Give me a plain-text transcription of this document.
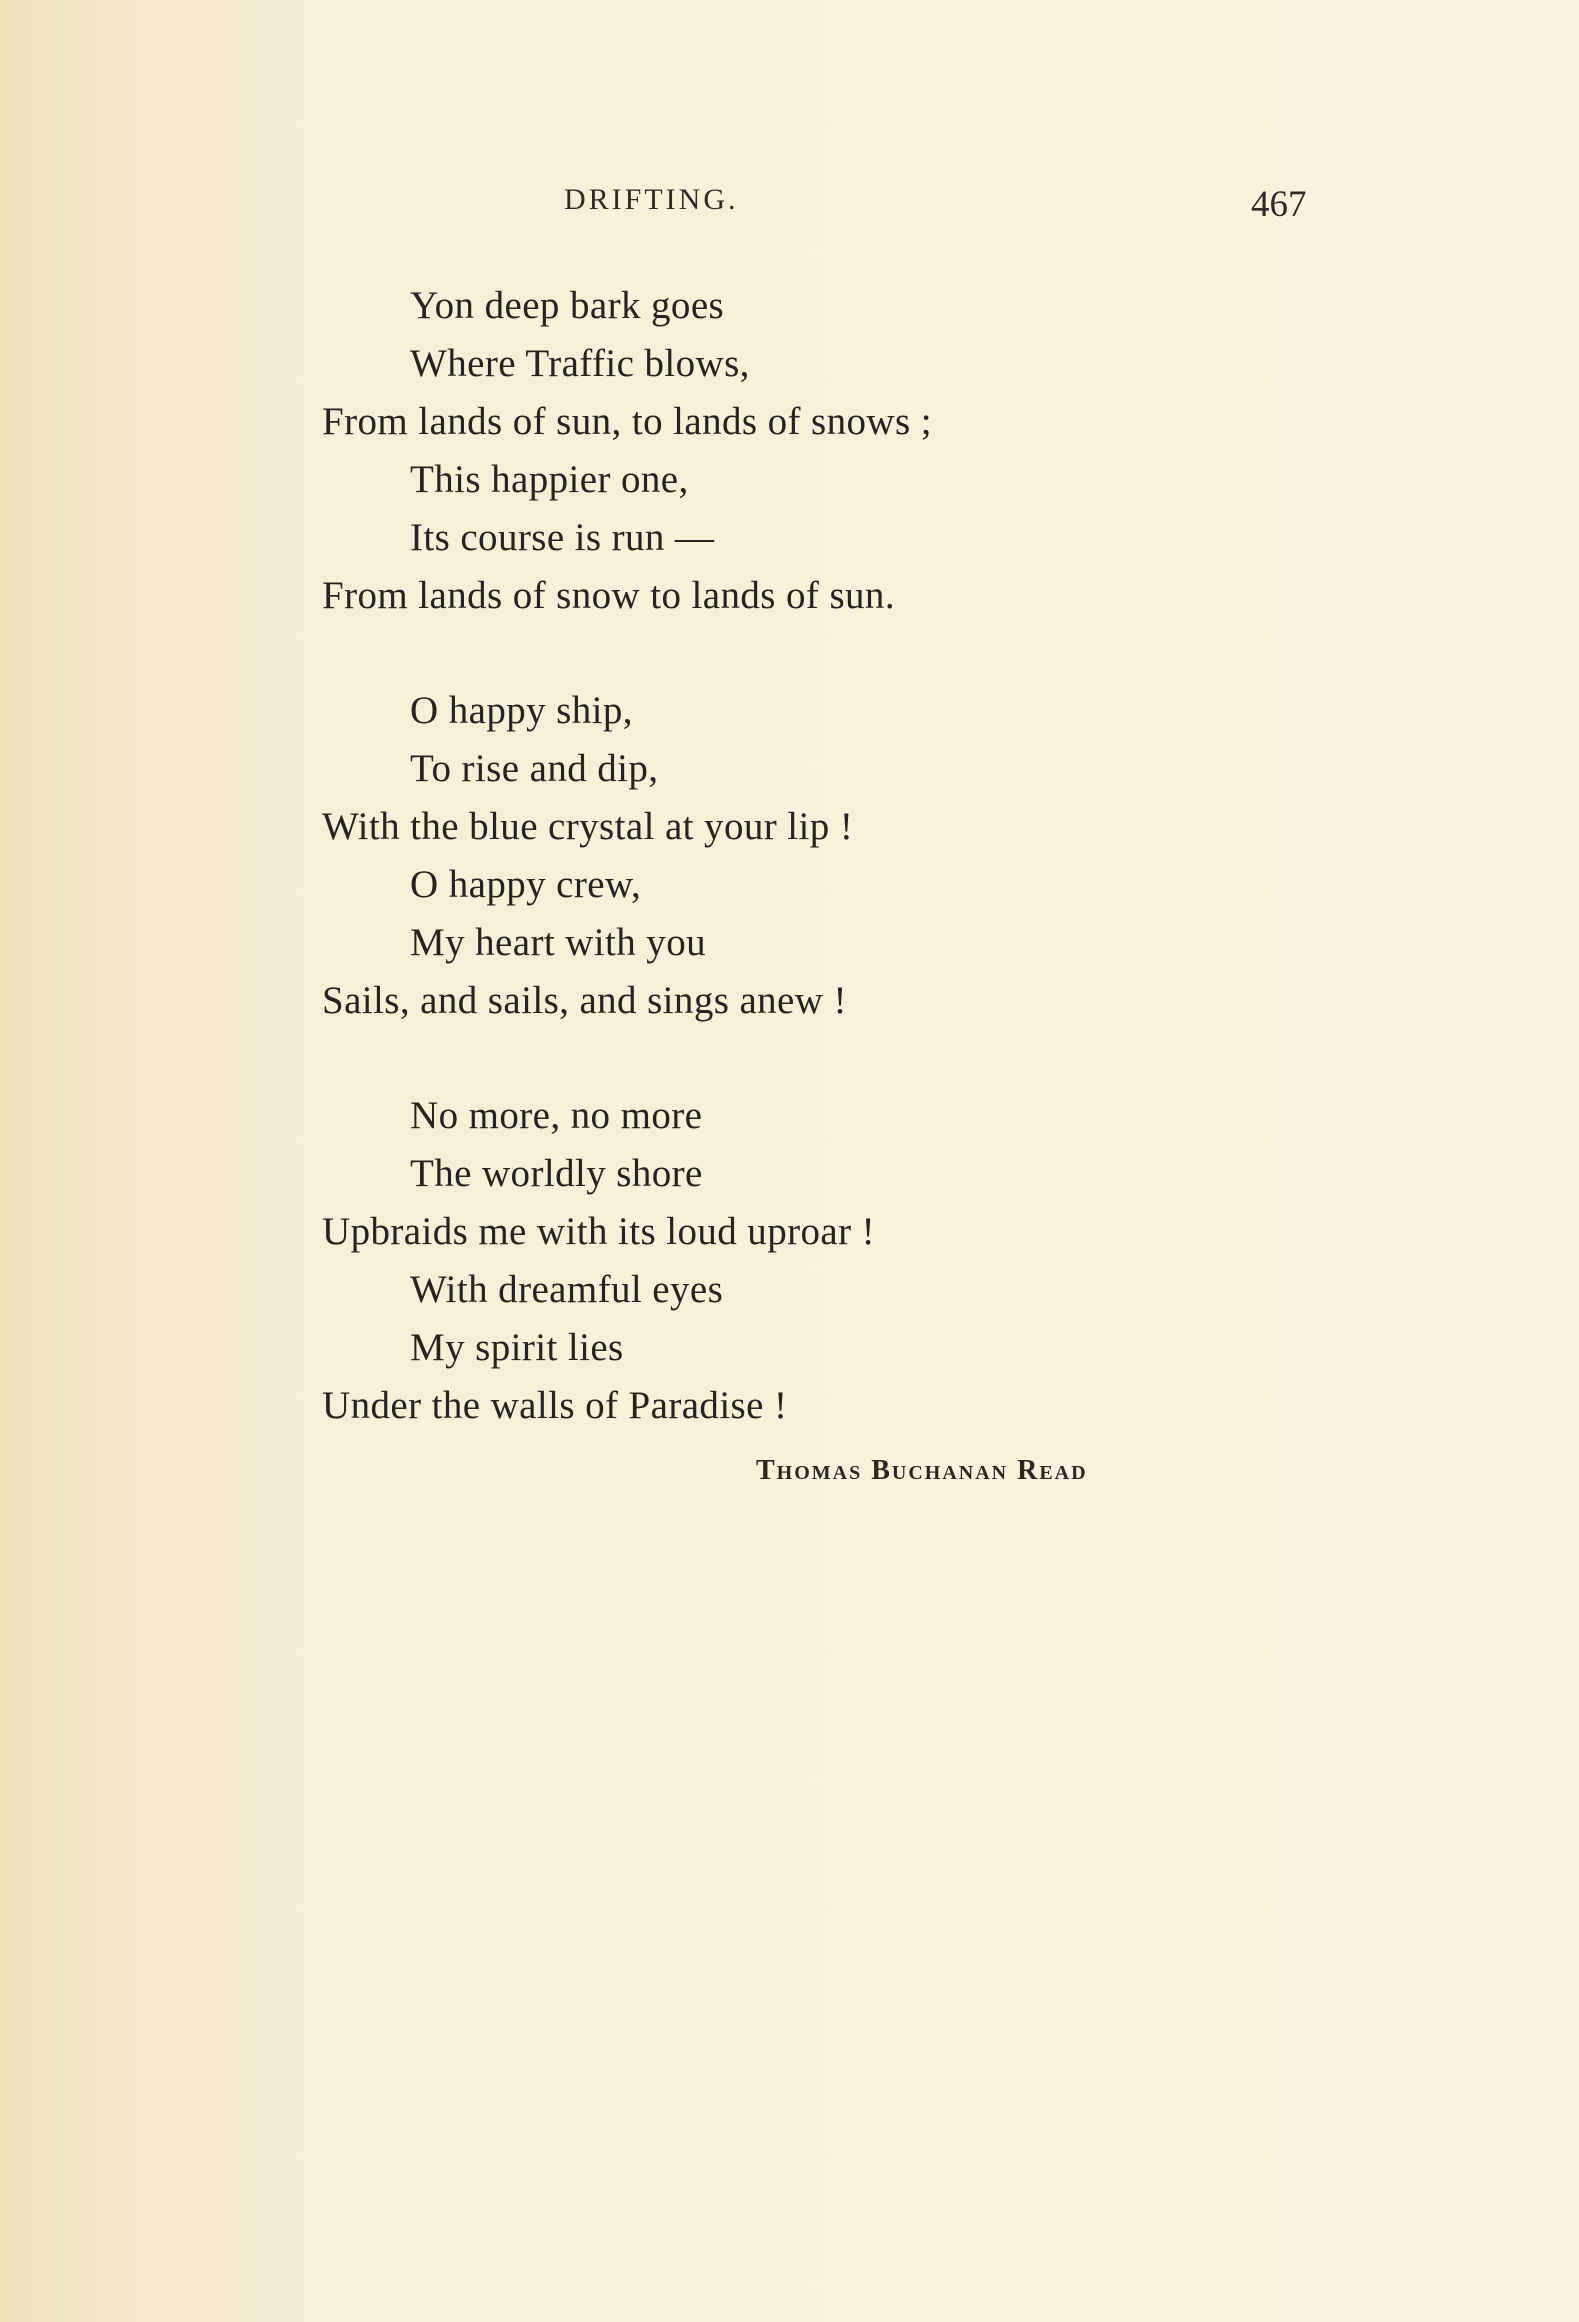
DRIFTING.	467
Yon deep bark goes
Where Traffic blows,
From lands of sun, to lands of snows ;
This happier one,
Its course is run —
From lands of snow to lands of sun.
O happy ship,
To rise and dip,
With the blue crystal at your lip !
O happy crew,
My heart with you
Sails, and sails, and sings anew !
No more, no more
The worldly shore
Upbraids me with its loud uproar !
With dreamful eyes
My spirit lies
Under the walls of Paradise !
Thomas Buchanan Read
